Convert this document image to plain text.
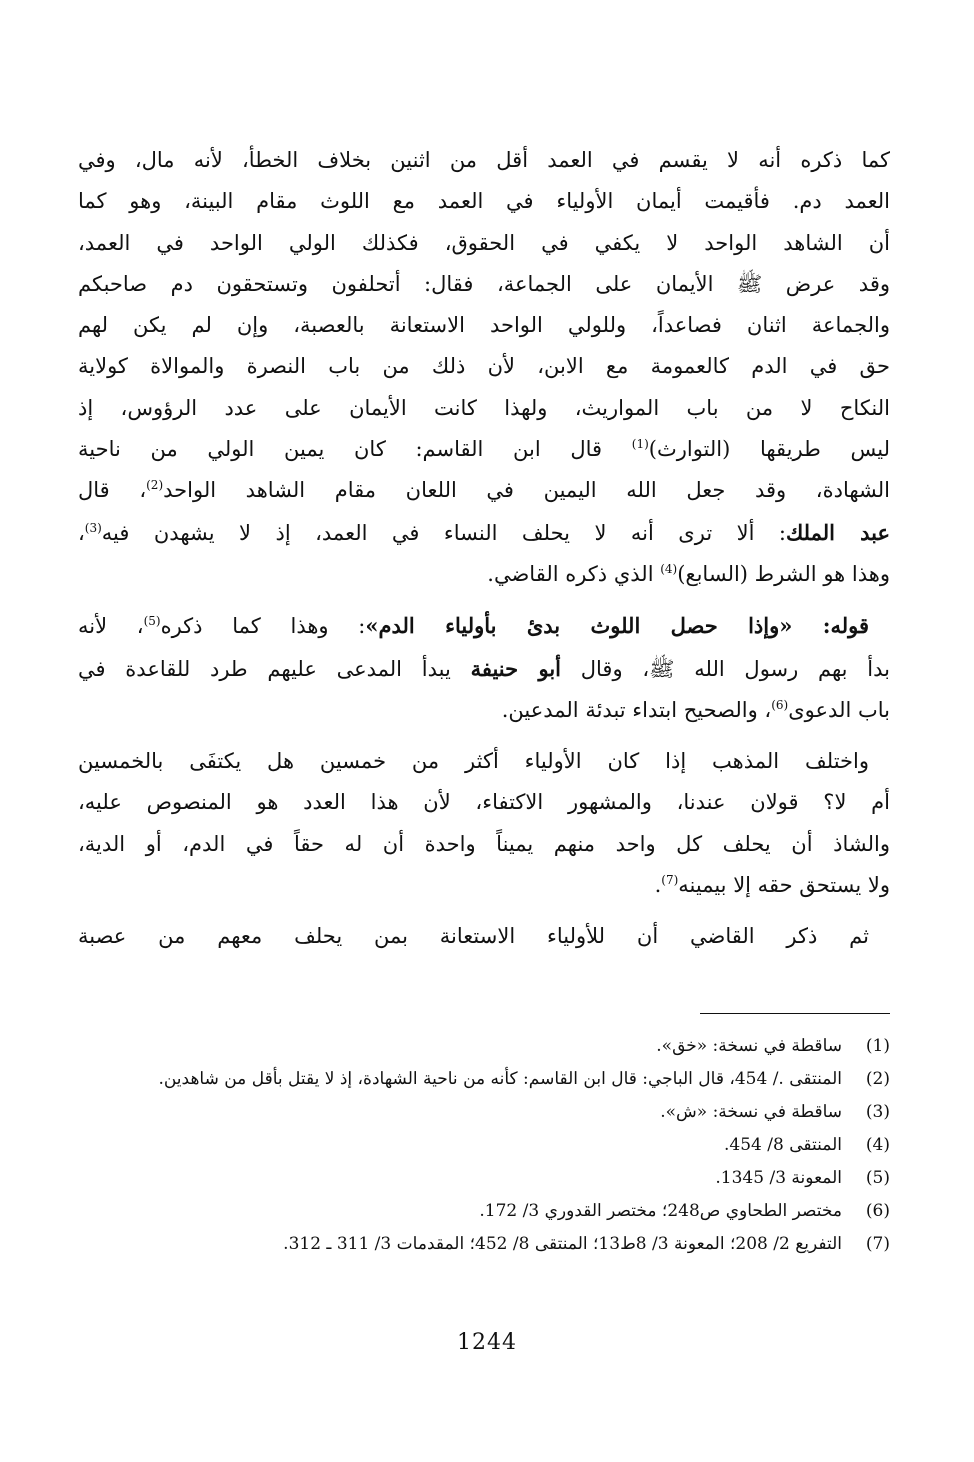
كما ذكره أنه لا يقسم في العمد أقل من اثنين بخلاف الخطأ، لأنه مال، وفي
العمد دم. فأقيمت أيمان الأولياء في العمد مع اللوث مقام البينة، وهو كما
أن الشاهد الواحد لا يكفي في الحقوق، فكذلك الولي الواحد في العمد،
وقد عرض ﷺ الأيمان على الجماعة، فقال: أتحلفون وتستحقون دم صاحبكم
والجماعة اثنان فصاعداً، وللولي الواحد الاستعانة بالعصبة، وإن لم يكن لهم
حق في الدم كالعمومة مع الابن، لأن ذلك من باب النصرة والموالاة كولاية
النكاح لا من باب المواريث، ولهذا كانت الأيمان على عدد الرؤوس، إذ
ليس طريقها (التوارث)$^{(1)}$ قال ابن القاسم: كان يمين الولي من ناحية
الشهادة، وقد جعل الله اليمين في اللعان مقام الشاهد الواحد$^{(2)}$، قال
عبد الملك: ألا ترى أنه لا يحلف النساء في العمد، إذ لا يشهدن فيه$^{(3)}$،
وهذا هو الشرط (السابع)$^{(4)}$ الذي ذكره القاضي.

 قوله: «وإذا حصل اللوث بدئ بأولياء الدم»: وهذا كما ذكره$^{(5)}$، لأنه
بدأ بهم رسول الله ﷺ، وقال أبو حنيفة يبدأ المدعى عليهم طرد للقاعدة في
باب الدعوى$^{(6)}$، والصحيح ابتداء تبدئة المدعين.

 واختلف المذهب إذا كان الأولياء أكثر من خمسين هل يكتفَى بالخمسين
أم لا؟ قولان عندنا، والمشهور الاكتفاء، لأن هذا العدد هو المنصوص عليه،
والشاذ أن يحلف كل واحد منهم يميناً واحدة أن له حقاً في الدم، أو الدية،
ولا يستحق حقه إلا بيمينه$^{(7)}$.

 ثم ذكر القاضي أن للأولياء الاستعانة بمن يحلف معهم من عصبة

(1)
ساقطة في نسخة: «خق».
(2)
المنتقى ./ 454، قال الباجي: قال ابن القاسم: كأنه من ناحية الشهادة، إذ لا يقتل بأقل من شاهدين.
(3)
ساقطة في نسخة: «ش».
(4)
المنتقى 8/ 454.
(5)
المعونة 3/ 1345.
(6)
مختصر الطحاوي ص248؛ مختصر القدوري 3/ 172.
(7)
التفريع 2/ 208؛ المعونة 3/ 8ط13؛ المنتقى 8/ 452؛ المقدمات 3/ 311 ـ 312.
1244
